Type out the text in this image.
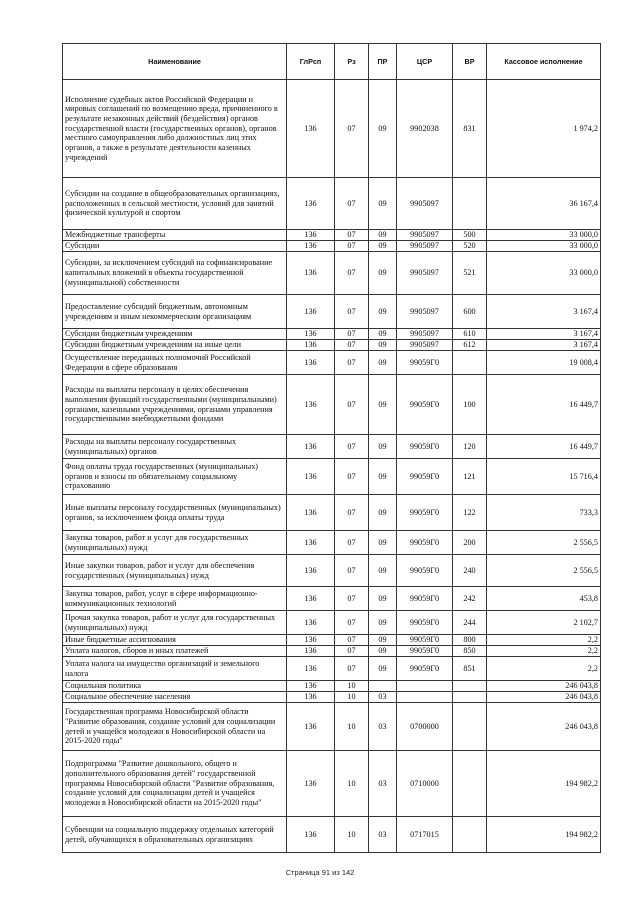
Наименование	ГлРсп	Рз	ПР	ЦСР	ВР	Кассовое исполнение
Исполнение судебных актов Российской Федерации и мировых соглашений по возмещению вреда, причиненного в результате незаконных действий (бездействия) органов государственной власти (государственных органов), органов местного самоуправления либо должностных лиц этих органов, а также в результате деятельности казенных учреждений	136	07	09	9902038	831	1 974,2
Субсидии на создание в общеобразовательных организациях, расположенных в сельской местности, условий для занятий физической культурой и спортом	136	07	09	9905097		36 167,4
Межбюджетные трансферты	136	07	09	9905097	500	33 000,0
Субсидии	136	07	09	9905097	520	33 000,0
Субсидии, за исключением субсидий на софинансирование капитальных вложений в объекты государственной (муниципальной) собственности	136	07	09	9905097	521	33 000,0
Предоставление субсидий бюджетным, автономным учреждениям и иным некоммерческим организациям	136	07	09	9905097	600	3 167,4
Субсидии бюджетным учреждениям	136	07	09	9905097	610	3 167,4
Субсидии бюджетным учреждениям на иные цели	136	07	09	9905097	612	3 167,4
Осуществление переданных полномочий Российской Федерации в сфере образования	136	07	09	99059Г0		19 008,4
Расходы на выплаты персоналу в целях обеспечения выполнения функций государственными (муниципальными) органами, казенными учреждениями, органами управления государственными внебюджетными фондами	136	07	09	99059Г0	100	16 449,7
Расходы на выплаты персоналу государственных (муниципальных) органов	136	07	09	99059Г0	120	16 449,7
Фонд оплаты труда государственных (муниципальных) органов и взносы по обязательному социальному страхованию	136	07	09	99059Г0	121	15 716,4
Иные выплаты персоналу государственных (муниципальных) органов, за исключением фонда оплаты труда	136	07	09	99059Г0	122	733,3
Закупка товаров, работ и услуг для государственных (муниципальных) нужд	136	07	09	99059Г0	200	2 556,5
Иные закупки товаров, работ и услуг для обеспечения государственных (муниципальных) нужд	136	07	09	99059Г0	240	2 556,5
Закупка товаров, работ, услуг в сфере информационно-коммуникационных технологий	136	07	09	99059Г0	242	453,8
Прочая закупка товаров, работ и услуг для государственных (муниципальных) нужд	136	07	09	99059Г0	244	2 102,7
Иные бюджетные ассигнования	136	07	09	99059Г0	800	2,2
Уплата налогов, сборов и иных платежей	136	07	09	99059Г0	850	2,2
Уплата налога на имущество организаций и земельного налога	136	07	09	99059Г0	851	2,2
Социальная политика	136	10				246 043,8
Социальное обеспечение населения	136	10	03			246 043,8
Государственная программа Новосибирской области "Развитие образования, создание условий для социализации детей и учащейся молодежи в Новосибирской области на 2015-2020 годы"	136	10	03	0700000		246 043,8
Подпрограмма "Развитие дошкольного, общего и дополнительного образования детей" государственной программы Новосибирской области "Развитие образования, создание условий для социализации детей и учащейся молодежи в Новосибирской области на 2015-2020 годы"	136	10	03	0710000		194 982,2
Субвенции на социальную поддержку отдельных категорий детей, обучающихся в образовательных организациях	136	10	03	0717015		194 982,2
Страница 91 из 142
